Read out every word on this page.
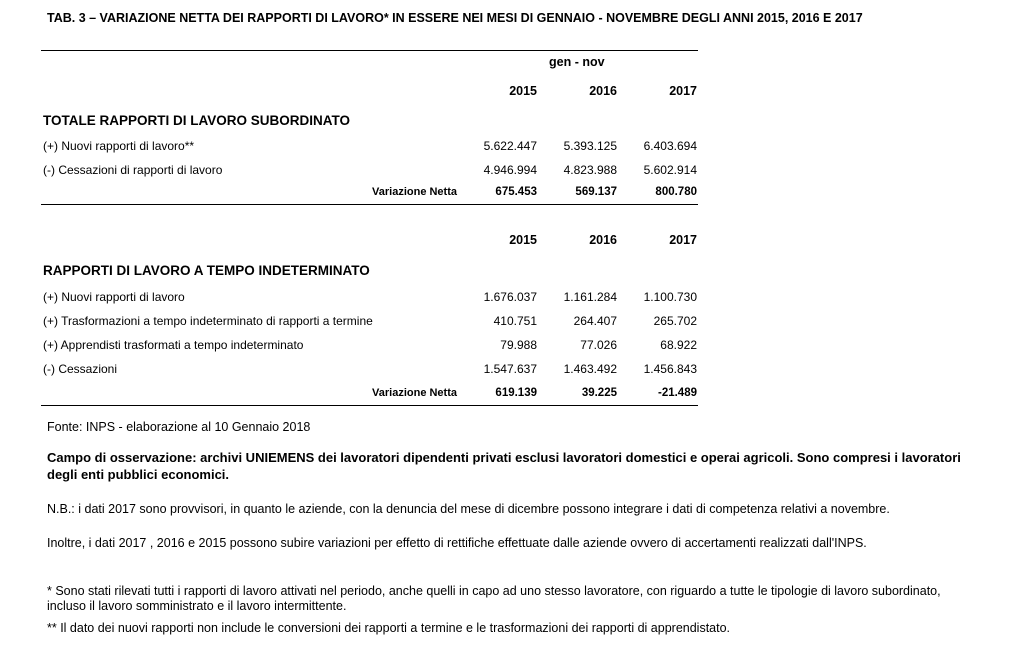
TAB. 3 – VARIAZIONE NETTA DEI RAPPORTI DI LAVORO* IN ESSERE NEI MESI DI GENNAIO - NOVEMBRE DEGLI ANNI 2015, 2016 E 2017
gen - nov
2015	2016	2017
TOTALE RAPPORTI DI LAVORO SUBORDINATO
(+) Nuovi rapporti di lavoro**	5.622.447	5.393.125	6.403.694
(-) Cessazioni di rapporti di lavoro	4.946.994	4.823.988	5.602.914
Variazione Netta	675.453	569.137	800.780
2015	2016	2017
RAPPORTI DI LAVORO A TEMPO INDETERMINATO
(+) Nuovi rapporti di lavoro	1.676.037	1.161.284	1.100.730
(+) Trasformazioni a tempo indeterminato di rapporti a termine	410.751	264.407	265.702
(+) Apprendisti trasformati a tempo indeterminato	79.988	77.026	68.922
(-) Cessazioni	1.547.637	1.463.492	1.456.843
Variazione Netta	619.139	39.225	-21.489
Fonte: INPS - elaborazione al 10 Gennaio 2018
Campo di osservazione: archivi UNIEMENS dei lavoratori dipendenti privati esclusi lavoratori domestici e operai agricoli. Sono compresi i lavoratori degli enti pubblici economici.
N.B.: i dati 2017 sono provvisori, in quanto le aziende, con la denuncia del mese di dicembre possono integrare i dati di competenza relativi a novembre.
Inoltre, i dati 2017 , 2016 e 2015 possono subire variazioni per effetto di rettifiche effettuate dalle aziende ovvero di accertamenti realizzati dall'INPS.
* Sono stati rilevati tutti i rapporti di lavoro attivati nel periodo, anche quelli in capo ad uno stesso lavoratore, con riguardo a tutte le tipologie di lavoro subordinato, incluso il lavoro somministrato e il lavoro intermittente.
** Il dato dei nuovi rapporti non include le conversioni dei rapporti a termine e le trasformazioni dei rapporti di apprendistato.
